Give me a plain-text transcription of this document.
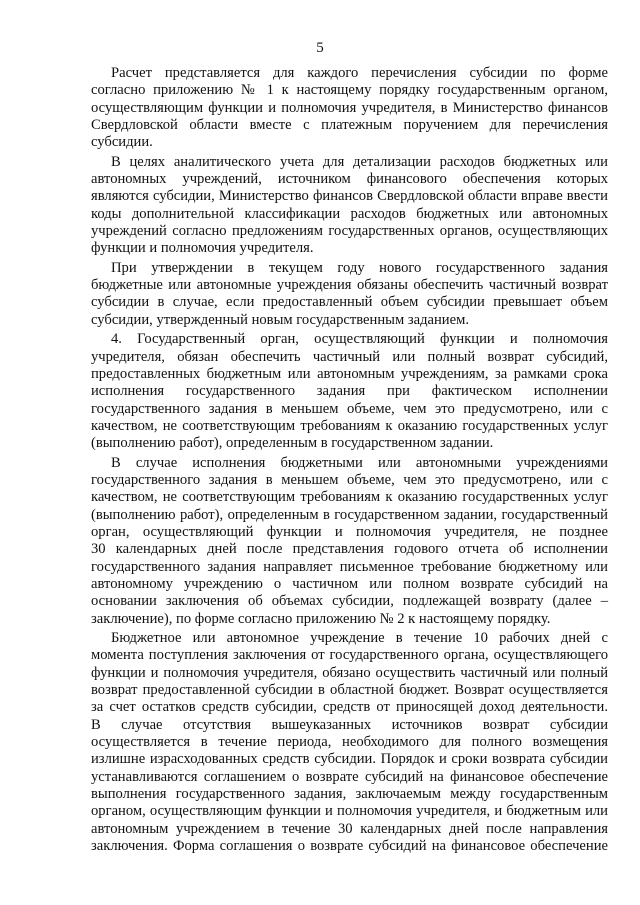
5
Расчет представляется для каждого перечисления субсидии по форме
согласно приложению № 1 к настоящему порядку государственным органом,
осуществляющим функции и полномочия учредителя, в Министерство финансов
Свердловской области вместе с платежным поручением для перечисления
субсидии.
В целях аналитического учета для детализации расходов бюджетных или
автономных учреждений, источником финансового обеспечения которых
являются субсидии, Министерство финансов Свердловской области вправе ввести
коды дополнительной классификации расходов бюджетных или автономных
учреждений согласно предложениям государственных органов, осуществляющих
функции и полномочия учредителя.
При утверждении в текущем году нового государственного задания
бюджетные или автономные учреждения обязаны обеспечить частичный возврат
субсидии в случае, если предоставленный объем субсидии превышает объем
субсидии, утвержденный новым государственным заданием.
4. Государственный орган, осуществляющий функции и полномочия
учредителя, обязан обеспечить частичный или полный возврат субсидий,
предоставленных бюджетным или автономным учреждениям, за рамками срока
исполнения государственного задания при фактическом исполнении
государственного задания в меньшем объеме, чем это предусмотрено, или с
качеством, не соответствующим требованиям к оказанию государственных услуг
(выполнению работ), определенным в государственном задании.
В случае исполнения бюджетными или автономными учреждениями
государственного задания в меньшем объеме, чем это предусмотрено, или с
качеством, не соответствующим требованиям к оказанию государственных услуг
(выполнению работ), определенным в государственном задании, государственный
орган, осуществляющий функции и полномочия учредителя, не позднее
30 календарных дней после представления годового отчета об исполнении
государственного задания направляет письменное требование бюджетному или
автономному учреждению о частичном или полном возврате субсидий на
основании заключения об объемах субсидии, подлежащей возврату (далее –
заключение), по форме согласно приложению № 2 к настоящему порядку.
Бюджетное или автономное учреждение в течение 10 рабочих дней с
момента поступления заключения от государственного органа, осуществляющего
функции и полномочия учредителя, обязано осуществить частичный или полный
возврат предоставленной субсидии в областной бюджет. Возврат осуществляется
за счет остатков средств субсидии, средств от приносящей доход деятельности.
В случае отсутствия вышеуказанных источников возврат субсидии
осуществляется в течение периода, необходимого для полного возмещения
излишне израсходованных средств субсидии. Порядок и сроки возврата субсидии
устанавливаются соглашением о возврате субсидий на финансовое обеспечение
выполнения государственного задания, заключаемым между государственным
органом, осуществляющим функции и полномочия учредителя, и бюджетным или
автономным учреждением в течение 30 календарных дней после направления
заключения. Форма соглашения о возврате субсидий на финансовое обеспечение
